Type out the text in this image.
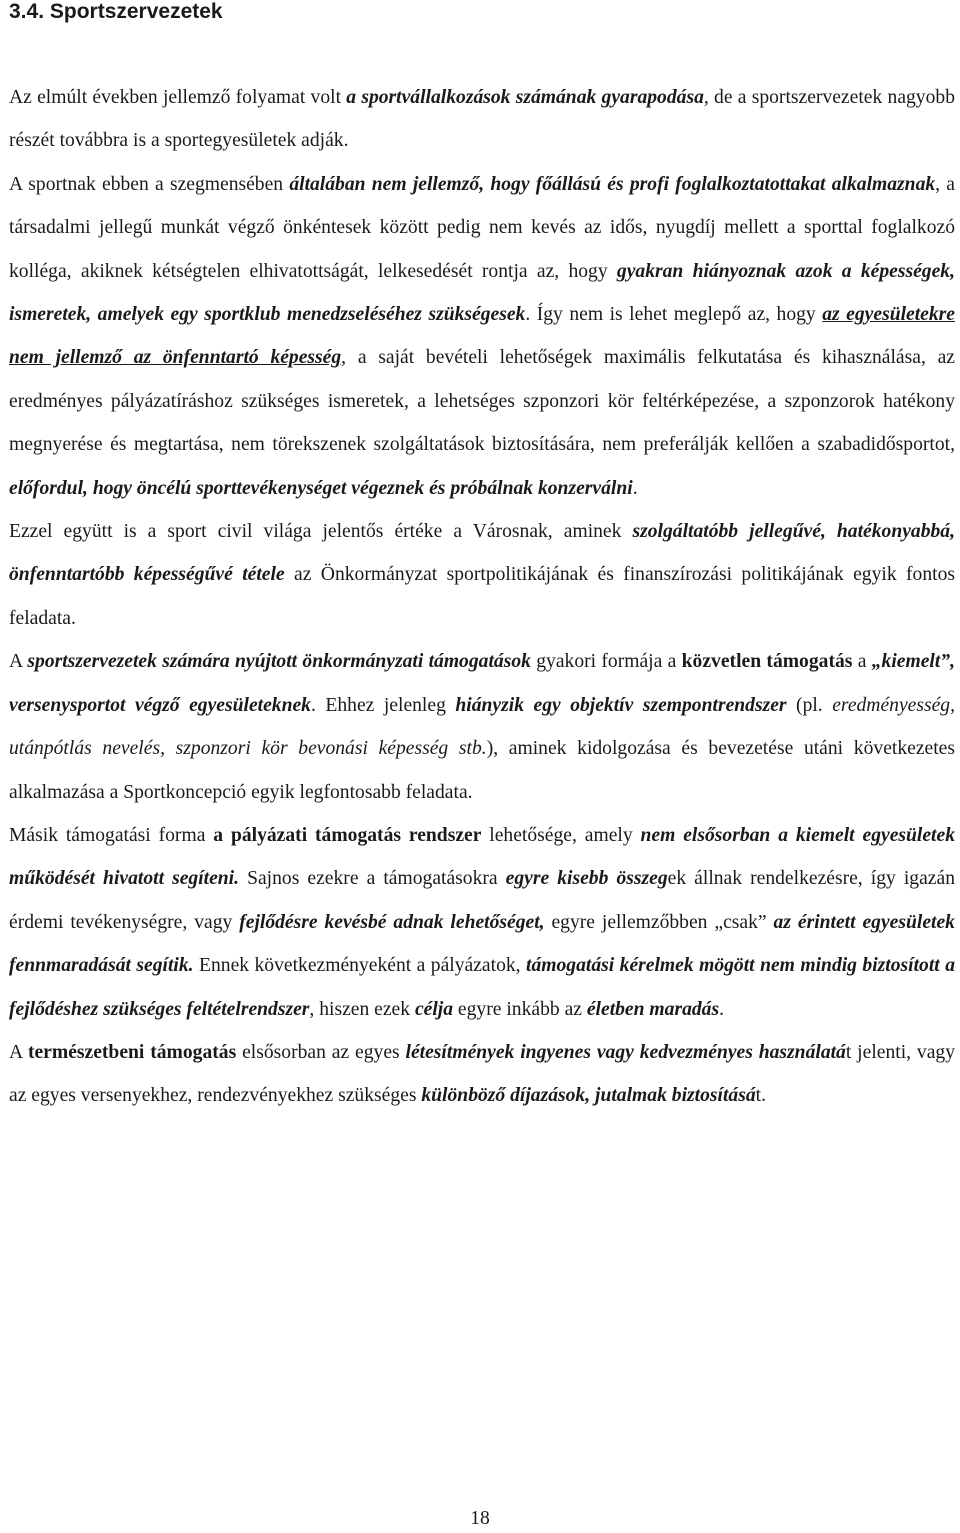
3.4. Sportszervezetek

Az elmúlt években jellemző folyamat volt a sportvállalkozások számának gyarapodása, de a sportszervezetek nagyobb részét továbbra is a sportegyesületek adják.

A sportnak ebben a szegmensében általában nem jellemző, hogy főállású és profi foglalkoztatottakat alkalmaznak, a társadalmi jellegű munkát végző önkéntesek között pedig nem kevés az idős, nyugdíj mellett a sporttal foglalkozó kolléga, akiknek kétségtelen elhivatottságát, lelkesedését rontja az, hogy gyakran hiányoznak azok a képességek, ismeretek, amelyek egy sportklub menedzseléséhez szükségesek. Így nem is lehet meglepő az, hogy az egyesületekre nem jellemző az önfenntartó képesség, a saját bevételi lehetőségek maximális felkutatása és kihasználása, az eredményes pályázatíráshoz szükséges ismeretek, a lehetséges szponzori kör feltérképezése, a szponzorok hatékony megnyerése és megtartása, nem törekszenek szolgáltatások biztosítására, nem preferálják kellően a szabadidősportot, előfordul, hogy öncélú sporttevékenységet végeznek és próbálnak konzerválni.

Ezzel együtt is a sport civil világa jelentős értéke a Városnak, aminek szolgáltatóbb jellegűvé, hatékonyabbá, önfenntartóbb képességűvé tétele az Önkormányzat sportpolitikájának és finanszírozási politikájának egyik fontos feladata.

A sportszervezetek számára nyújtott önkormányzati támogatások gyakori formája a közvetlen támogatás a „kiemelt”, versenysportot végző egyesületeknek. Ehhez jelenleg hiányzik egy objektív szempontrendszer (pl. eredményesség, utánpótlás nevelés, szponzori kör bevonási képesség stb.), aminek kidolgozása és bevezetése utáni következetes alkalmazása a Sportkoncepció egyik legfontosabb feladata.

Másik támogatási forma a pályázati támogatás rendszer lehetősége, amely nem elsősorban a kiemelt egyesületek működését hivatott segíteni. Sajnos ezekre a támogatásokra egyre kisebb összegek állnak rendelkezésre, így igazán érdemi tevékenységre, vagy fejlődésre kevésbé adnak lehetőséget, egyre jellemzőbben „csak” az érintett egyesületek fennmaradását segítik. Ennek következményeként a pályázatok, támogatási kérelmek mögött nem mindig biztosított a fejlődéshez szükséges feltételrendszer, hiszen ezek célja egyre inkább az életben maradás.

A természetbeni támogatás elsősorban az egyes létesítmények ingyenes vagy kedvezményes használatát jelenti, vagy az egyes versenyekhez, rendezvényekhez szükséges különböző díjazások, jutalmak biztosítását.

18
